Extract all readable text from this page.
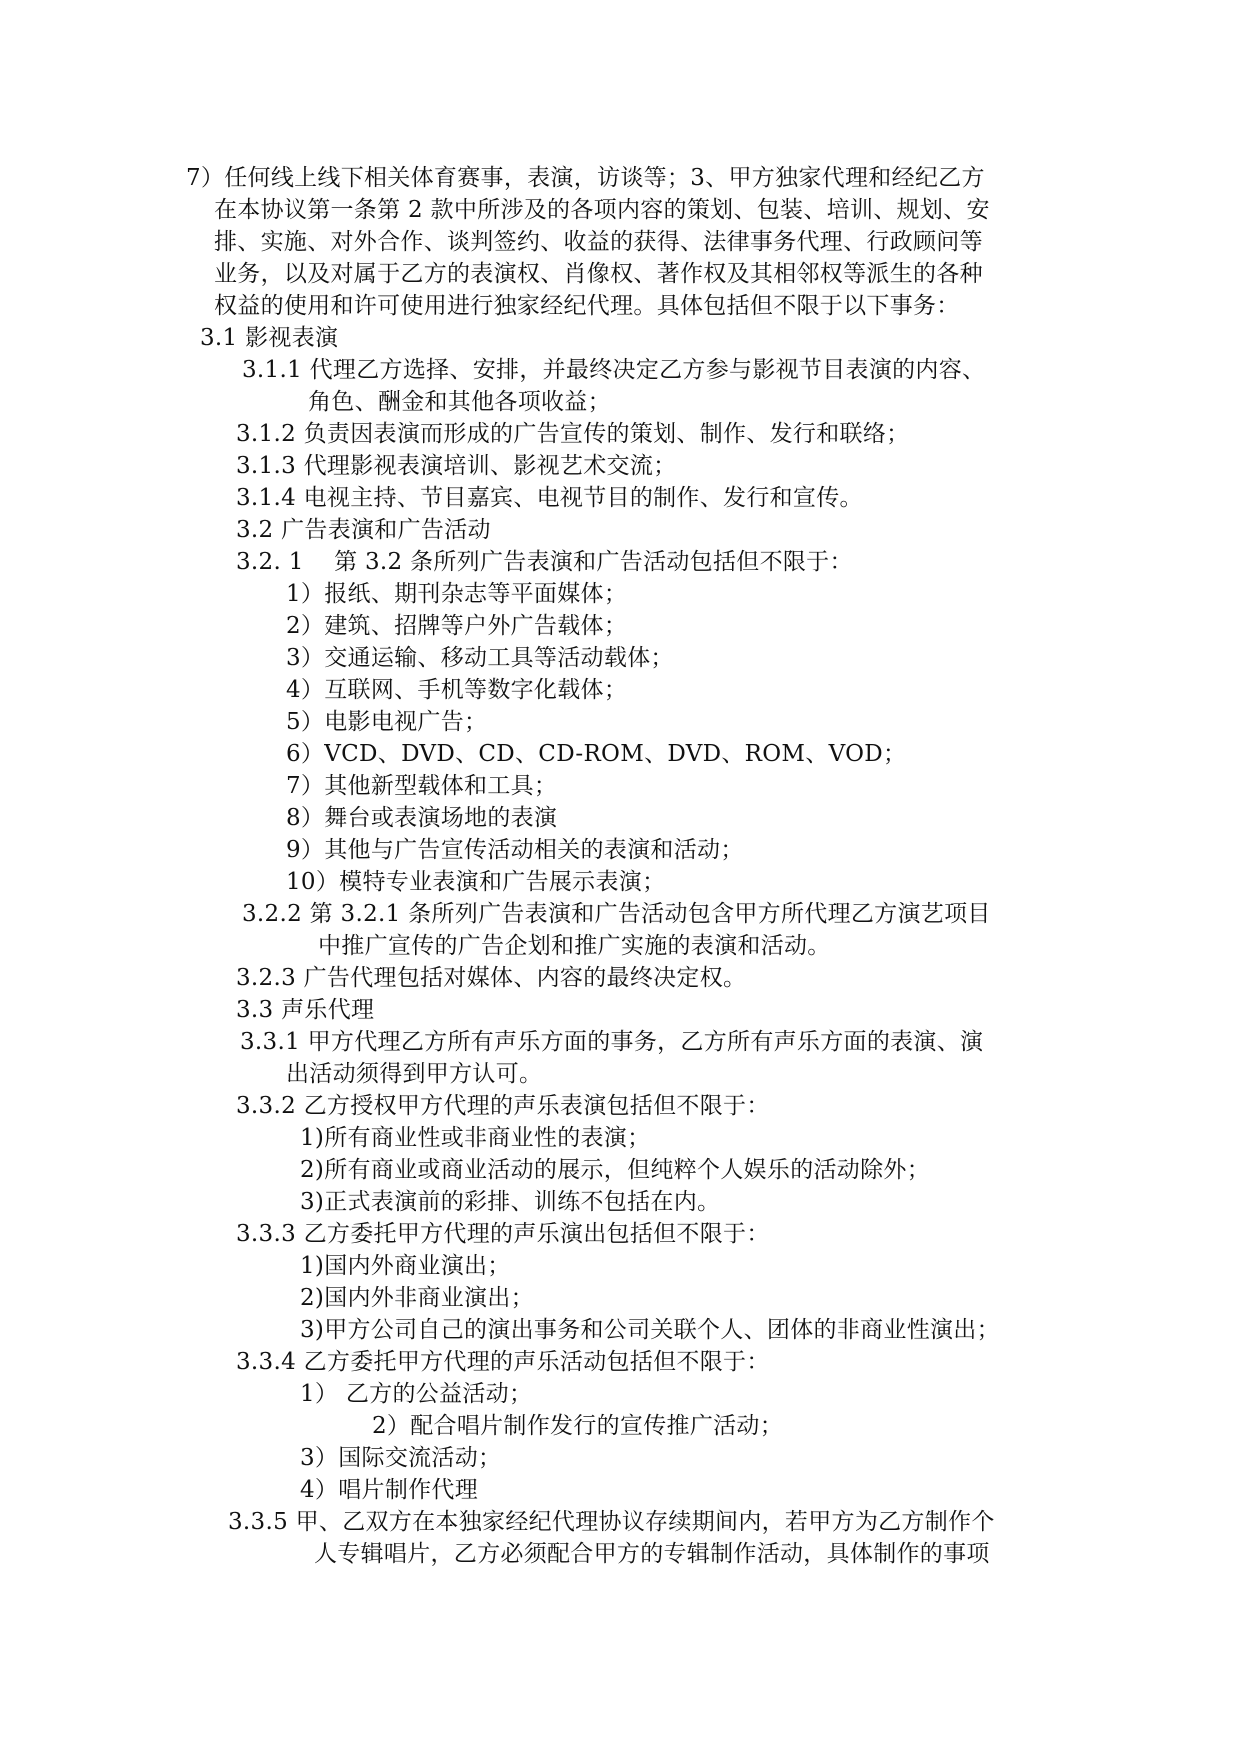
7）任何线上线下相关体育赛事，表演，访谈等；3、甲方独家代理和经纪乙方
在本协议第一条第 2 款中所涉及的各项内容的策划、包装、培训、规划、安
排、实施、对外合作、谈判签约、收益的获得、法律事务代理、行政顾问等
业务，以及对属于乙方的表演权、肖像权、著作权及其相邻权等派生的各种
权益的使用和许可使用进行独家经纪代理。具体包括但不限于以下事务：
3.1 影视表演
3.1.1 代理乙方选择、安排，并最终决定乙方参与影视节目表演的内容、
角色、酬金和其他各项收益；
3.1.2 负责因表演而形成的广告宣传的策划、制作、发行和联络；
3.1.3 代理影视表演培训、影视艺术交流；
3.1.4 电视主持、节目嘉宾、电视节目的制作、发行和宣传。
3.2 广告表演和广告活动
3.2. 1    第 3.2 条所列广告表演和广告活动包括但不限于：
1）报纸、期刊杂志等平面媒体；
2）建筑、招牌等户外广告载体；
3）交通运输、移动工具等活动载体；
4）互联网、手机等数字化载体；
5）电影电视广告；
6）VCD、DVD、CD、CD-ROM、DVD、ROM、VOD；
7）其他新型载体和工具；
8）舞台或表演场地的表演
9）其他与广告宣传活动相关的表演和活动；
10）模特专业表演和广告展示表演；
3.2.2 第 3.2.1 条所列广告表演和广告活动包含甲方所代理乙方演艺项目
中推广宣传的广告企划和推广实施的表演和活动。
3.2.3 广告代理包括对媒体、内容的最终决定权。
3.3 声乐代理
3.3.1 甲方代理乙方所有声乐方面的事务，乙方所有声乐方面的表演、演
出活动须得到甲方认可。
3.3.2 乙方授权甲方代理的声乐表演包括但不限于：
1)所有商业性或非商业性的表演；
2)所有商业或商业活动的展示，但纯粹个人娱乐的活动除外；
3)正式表演前的彩排、训练不包括在内。
3.3.3 乙方委托甲方代理的声乐演出包括但不限于：
1)国内外商业演出；
2)国内外非商业演出；
3)甲方公司自己的演出事务和公司关联个人、团体的非商业性演出；
3.3.4 乙方委托甲方代理的声乐活动包括但不限于：
1） 乙方的公益活动；
2）配合唱片制作发行的宣传推广活动；
3）国际交流活动；
4）唱片制作代理
3.3.5 甲、乙双方在本独家经纪代理协议存续期间内，若甲方为乙方制作个
人专辑唱片，乙方必须配合甲方的专辑制作活动，具体制作的事项
